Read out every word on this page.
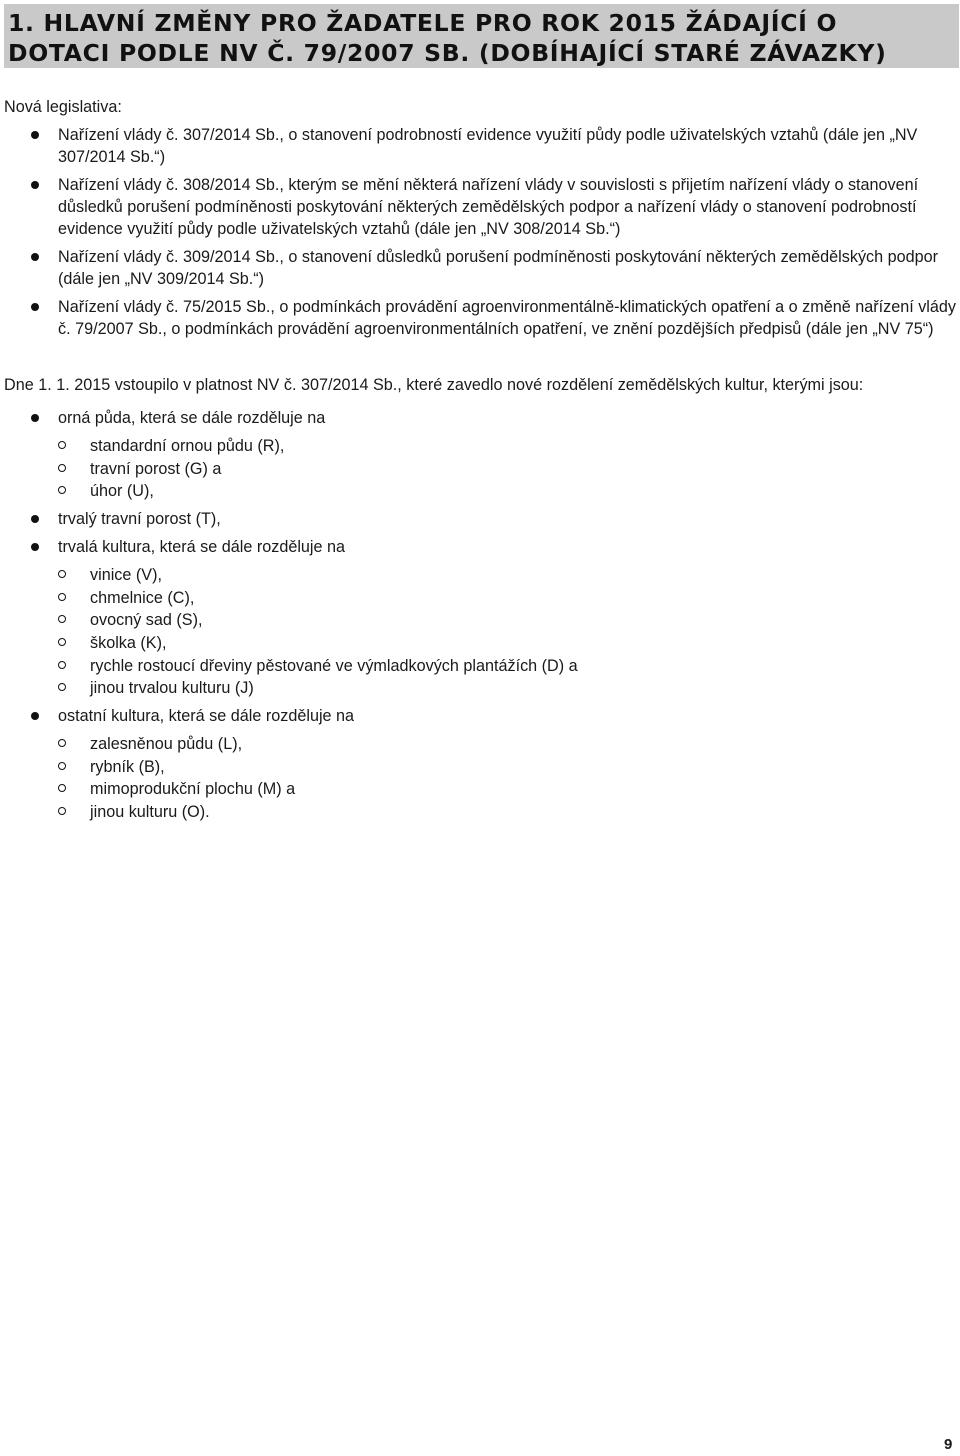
1. HLAVNÍ ZMĚNY PRO ŽADATELE PRO ROK 2015 ŽÁDAJÍCÍ O DOTACI PODLE NV Č. 79/2007 SB. (DOBÍHAJÍCÍ STARÉ ZÁVAZKY)

Nová legislativa:

Nařízení vlády č. 307/2014 Sb., o stanovení podrobností evidence využití půdy podle uživatelských vztahů (dále jen „NV 307/2014 Sb.“)
Nařízení vlády č. 308/2014 Sb., kterým se mění některá nařízení vlády v souvislosti s přijetím nařízení vlády o stanovení důsledků porušení podmíněnosti poskytování některých zemědělských podpor a nařízení vlády o stanovení podrobností evidence využití půdy podle uživatelských vztahů (dále jen „NV 308/2014 Sb.“)
Nařízení vlády č. 309/2014 Sb., o stanovení důsledků porušení podmíněnosti poskytování některých zemědělských podpor (dále jen „NV 309/2014 Sb.“)
Nařízení vlády č. 75/2015 Sb., o podmínkách provádění agroenvironmentálně-klimatických opatření a o změně nařízení vlády č. 79/2007 Sb., o podmínkách provádění agroenvironmentálních opatření, ve znění pozdějších předpisů (dále jen „NV 75“)

Dne 1. 1. 2015 vstoupilo v platnost NV č. 307/2014 Sb., které zavedlo nové rozdělení zemědělských kultur, kterými jsou:

orná půda, která se dále rozděluje na
standardní ornou půdu (R),
travní porost (G) a
úhor (U),
trvalý travní porost (T),
trvalá kultura, která se dále rozděluje na
vinice (V),
chmelnice (C),
ovocný sad (S),
školka (K),
rychle rostoucí dřeviny pěstované ve výmladkových plantážích (D) a
jinou trvalou kulturu (J)
ostatní kultura, která se dále rozděluje na
zalesněnou půdu (L),
rybník (B),
mimoprodukční plochu (M) a
jinou kulturu (O).
9
